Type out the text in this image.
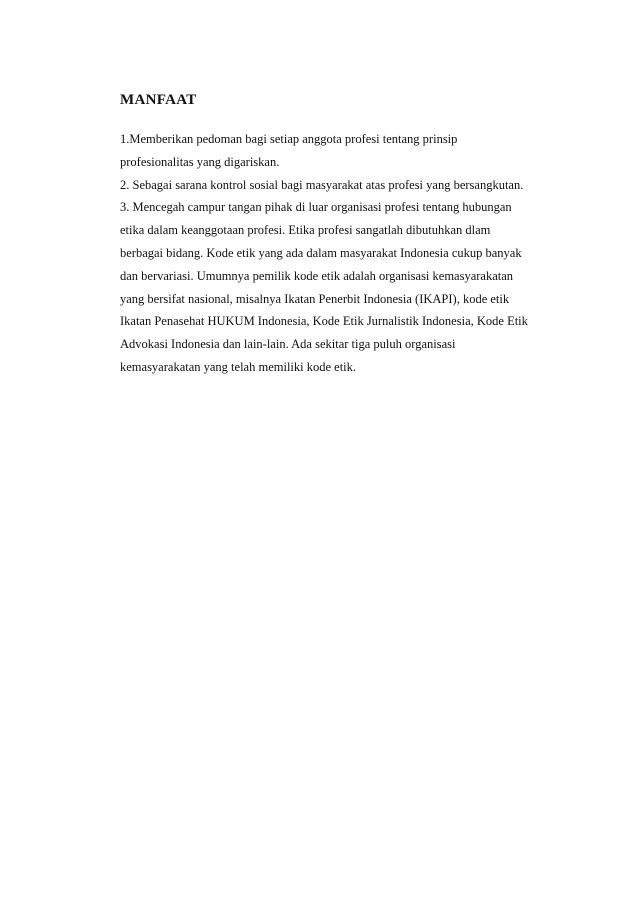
MANFAAT
1.Memberikan pedoman bagi setiap anggota profesi tentang prinsip
profesionalitas yang digariskan.
2. Sebagai sarana kontrol sosial bagi masyarakat atas profesi yang bersangkutan.
3. Mencegah campur tangan pihak di luar organisasi profesi tentang hubungan
etika dalam keanggotaan profesi. Etika profesi sangatlah dibutuhkan dlam
berbagai bidang. Kode etik yang ada dalam masyarakat Indonesia cukup banyak
dan bervariasi. Umumnya pemilik kode etik adalah organisasi kemasyarakatan
yang bersifat nasional, misalnya Ikatan Penerbit Indonesia (IKAPI), kode etik
Ikatan Penasehat HUKUM Indonesia, Kode Etik Jurnalistik Indonesia, Kode Etik
Advokasi Indonesia dan lain-lain. Ada sekitar tiga puluh organisasi
kemasyarakatan yang telah memiliki kode etik.
